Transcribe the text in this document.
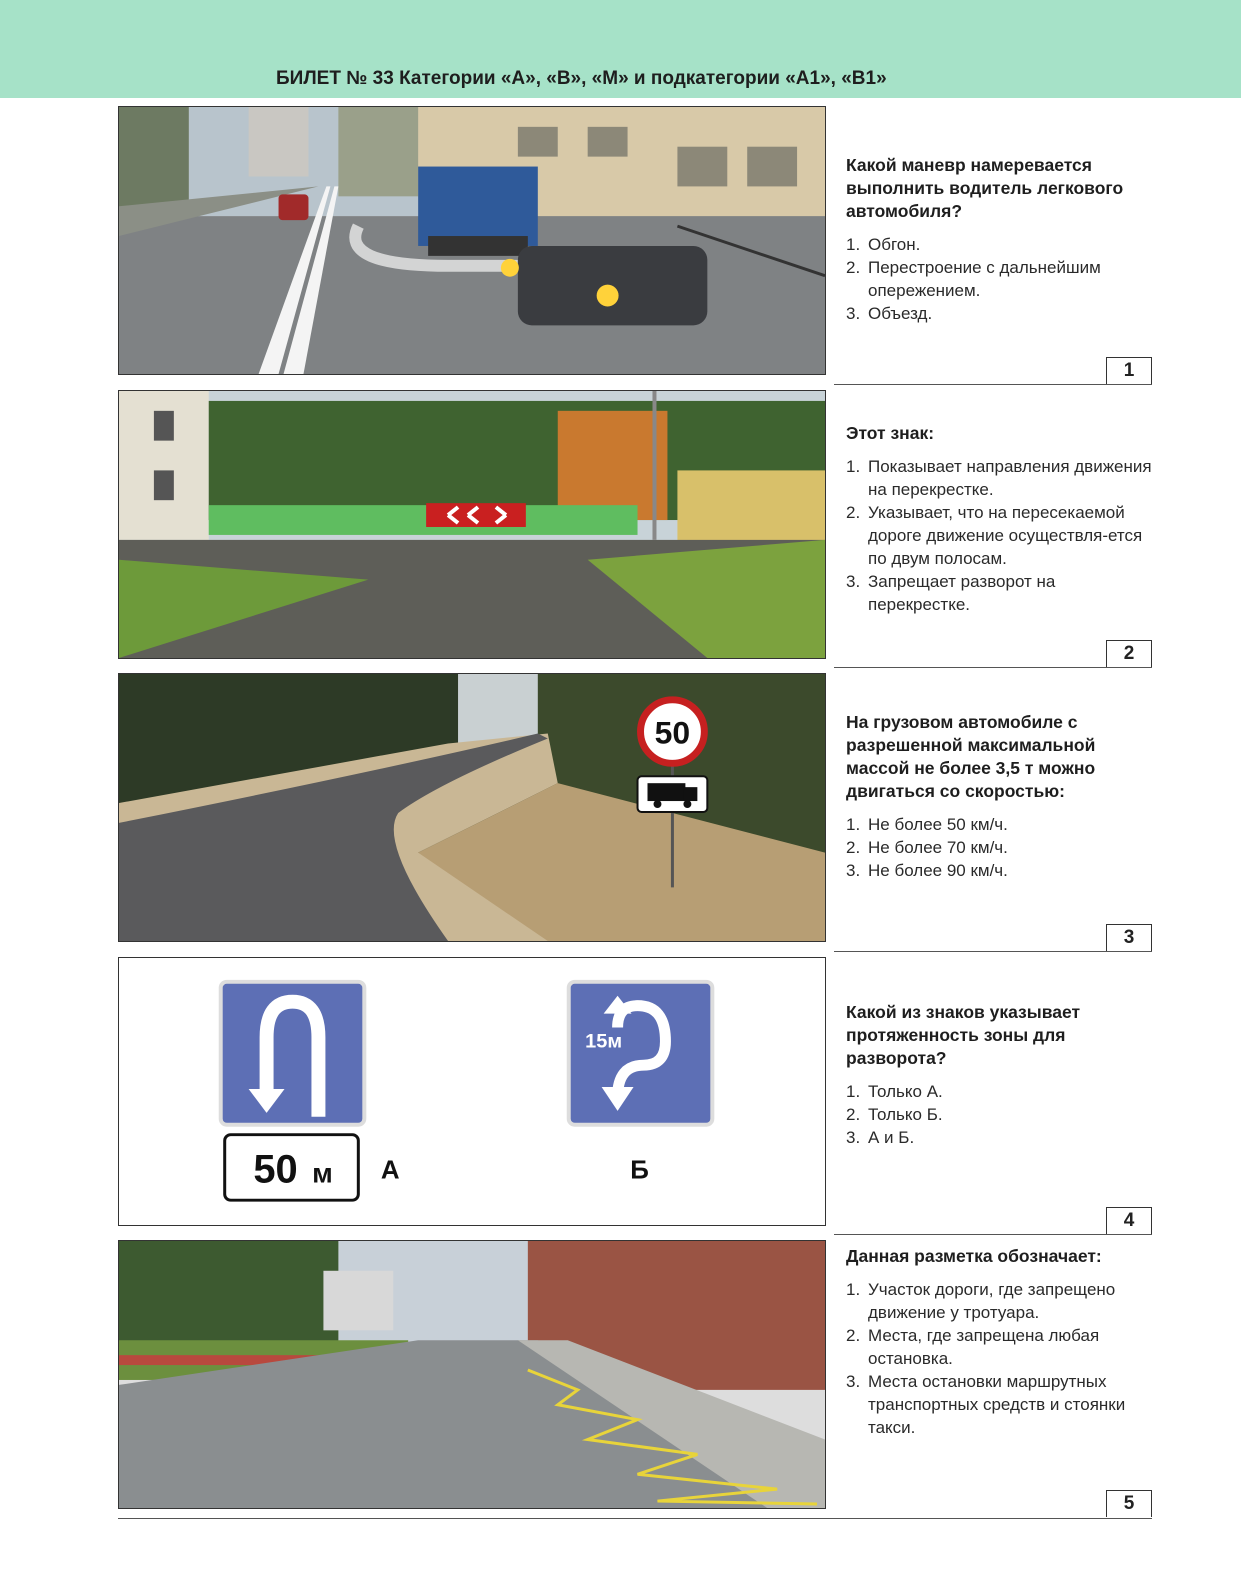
БИЛЕТ № 33 Категории «А», «В», «М» и подкатегории «А1», «В1»

Какой маневр намеревается выполнить водитель легкового автомобиля?

1. Обгон.
2. Перестроение с дальнейшим опережением.
3. Объезд.
1

Этот знак:

1. Показывает направления движения на перекрестке.
2. Указывает, что на пересекаемой дороге движение осуществля-ется по двум полосам.
3. Запрещает разворот на перекрестке.
2
50	На грузовом автомобиле с разрешенной максимальной массой не более 3,5 т можно двигаться со скоростью:

1. Не более 50 км/ч.
2. Не более 70 км/ч.
3. Не более 90 км/ч.
3
50 м А
15м
Б

Какой из знаков указывает протяженность зоны для разворота?

1. Только А.
2. Только Б.
3. А и Б.
4

Данная разметка обозначает:

1. Участок дороги, где запрещено движение у тротуара.
2. Места, где запрещена любая остановка.
3. Места остановки маршрутных транспортных средств и стоянки такси.
5
